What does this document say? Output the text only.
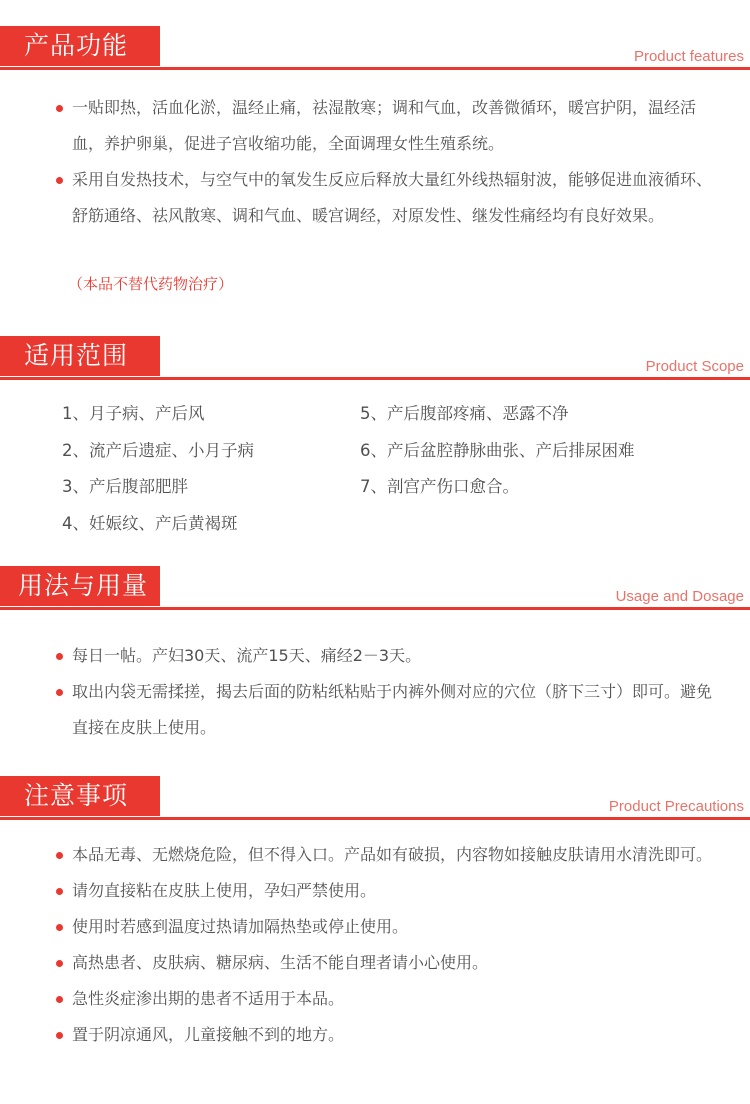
产品功能	Product features
一贴即热，活血化淤，温经止痛，祛湿散寒；调和气血，改善微循环，暖宫护阴，温经活血，养护卵巢，促进子宫收缩功能，全面调理女性生殖系统。
采用自发热技术，与空气中的氧发生反应后释放大量红外线热辐射波，能够促进血液循环、舒筋通络、祛风散寒、调和气血、暖宫调经，对原发性、继发性痛经均有良好效果。
（本品不替代药物治疗）
适用范围	Product Scope
1、月子病、产后风
2、流产后遗症、小月子病
3、产后腹部肥胖
4、妊娠纹、产后黄褐斑
5、产后腹部疼痛、恶露不净
6、产后盆腔静脉曲张、产后排尿困难
7、剖宫产伤口愈合。
用法与用量	Usage and Dosage
每日一帖。产妇30天、流产15天、痛经2－3天。
取出内袋无需揉搓，揭去后面的防粘纸粘贴于内裤外侧对应的穴位（脐下三寸）即可。避免直接在皮肤上使用。
注意事项	Product Precautions
本品无毒、无燃烧危险，但不得入口。产品如有破损，内容物如接触皮肤请用水清洗即可。
请勿直接粘在皮肤上使用，孕妇严禁使用。
使用时若感到温度过热请加隔热垫或停止使用。
高热患者、皮肤病、糖尿病、生活不能自理者请小心使用。
急性炎症渗出期的患者不适用于本品。
置于阴凉通风，儿童接触不到的地方。
